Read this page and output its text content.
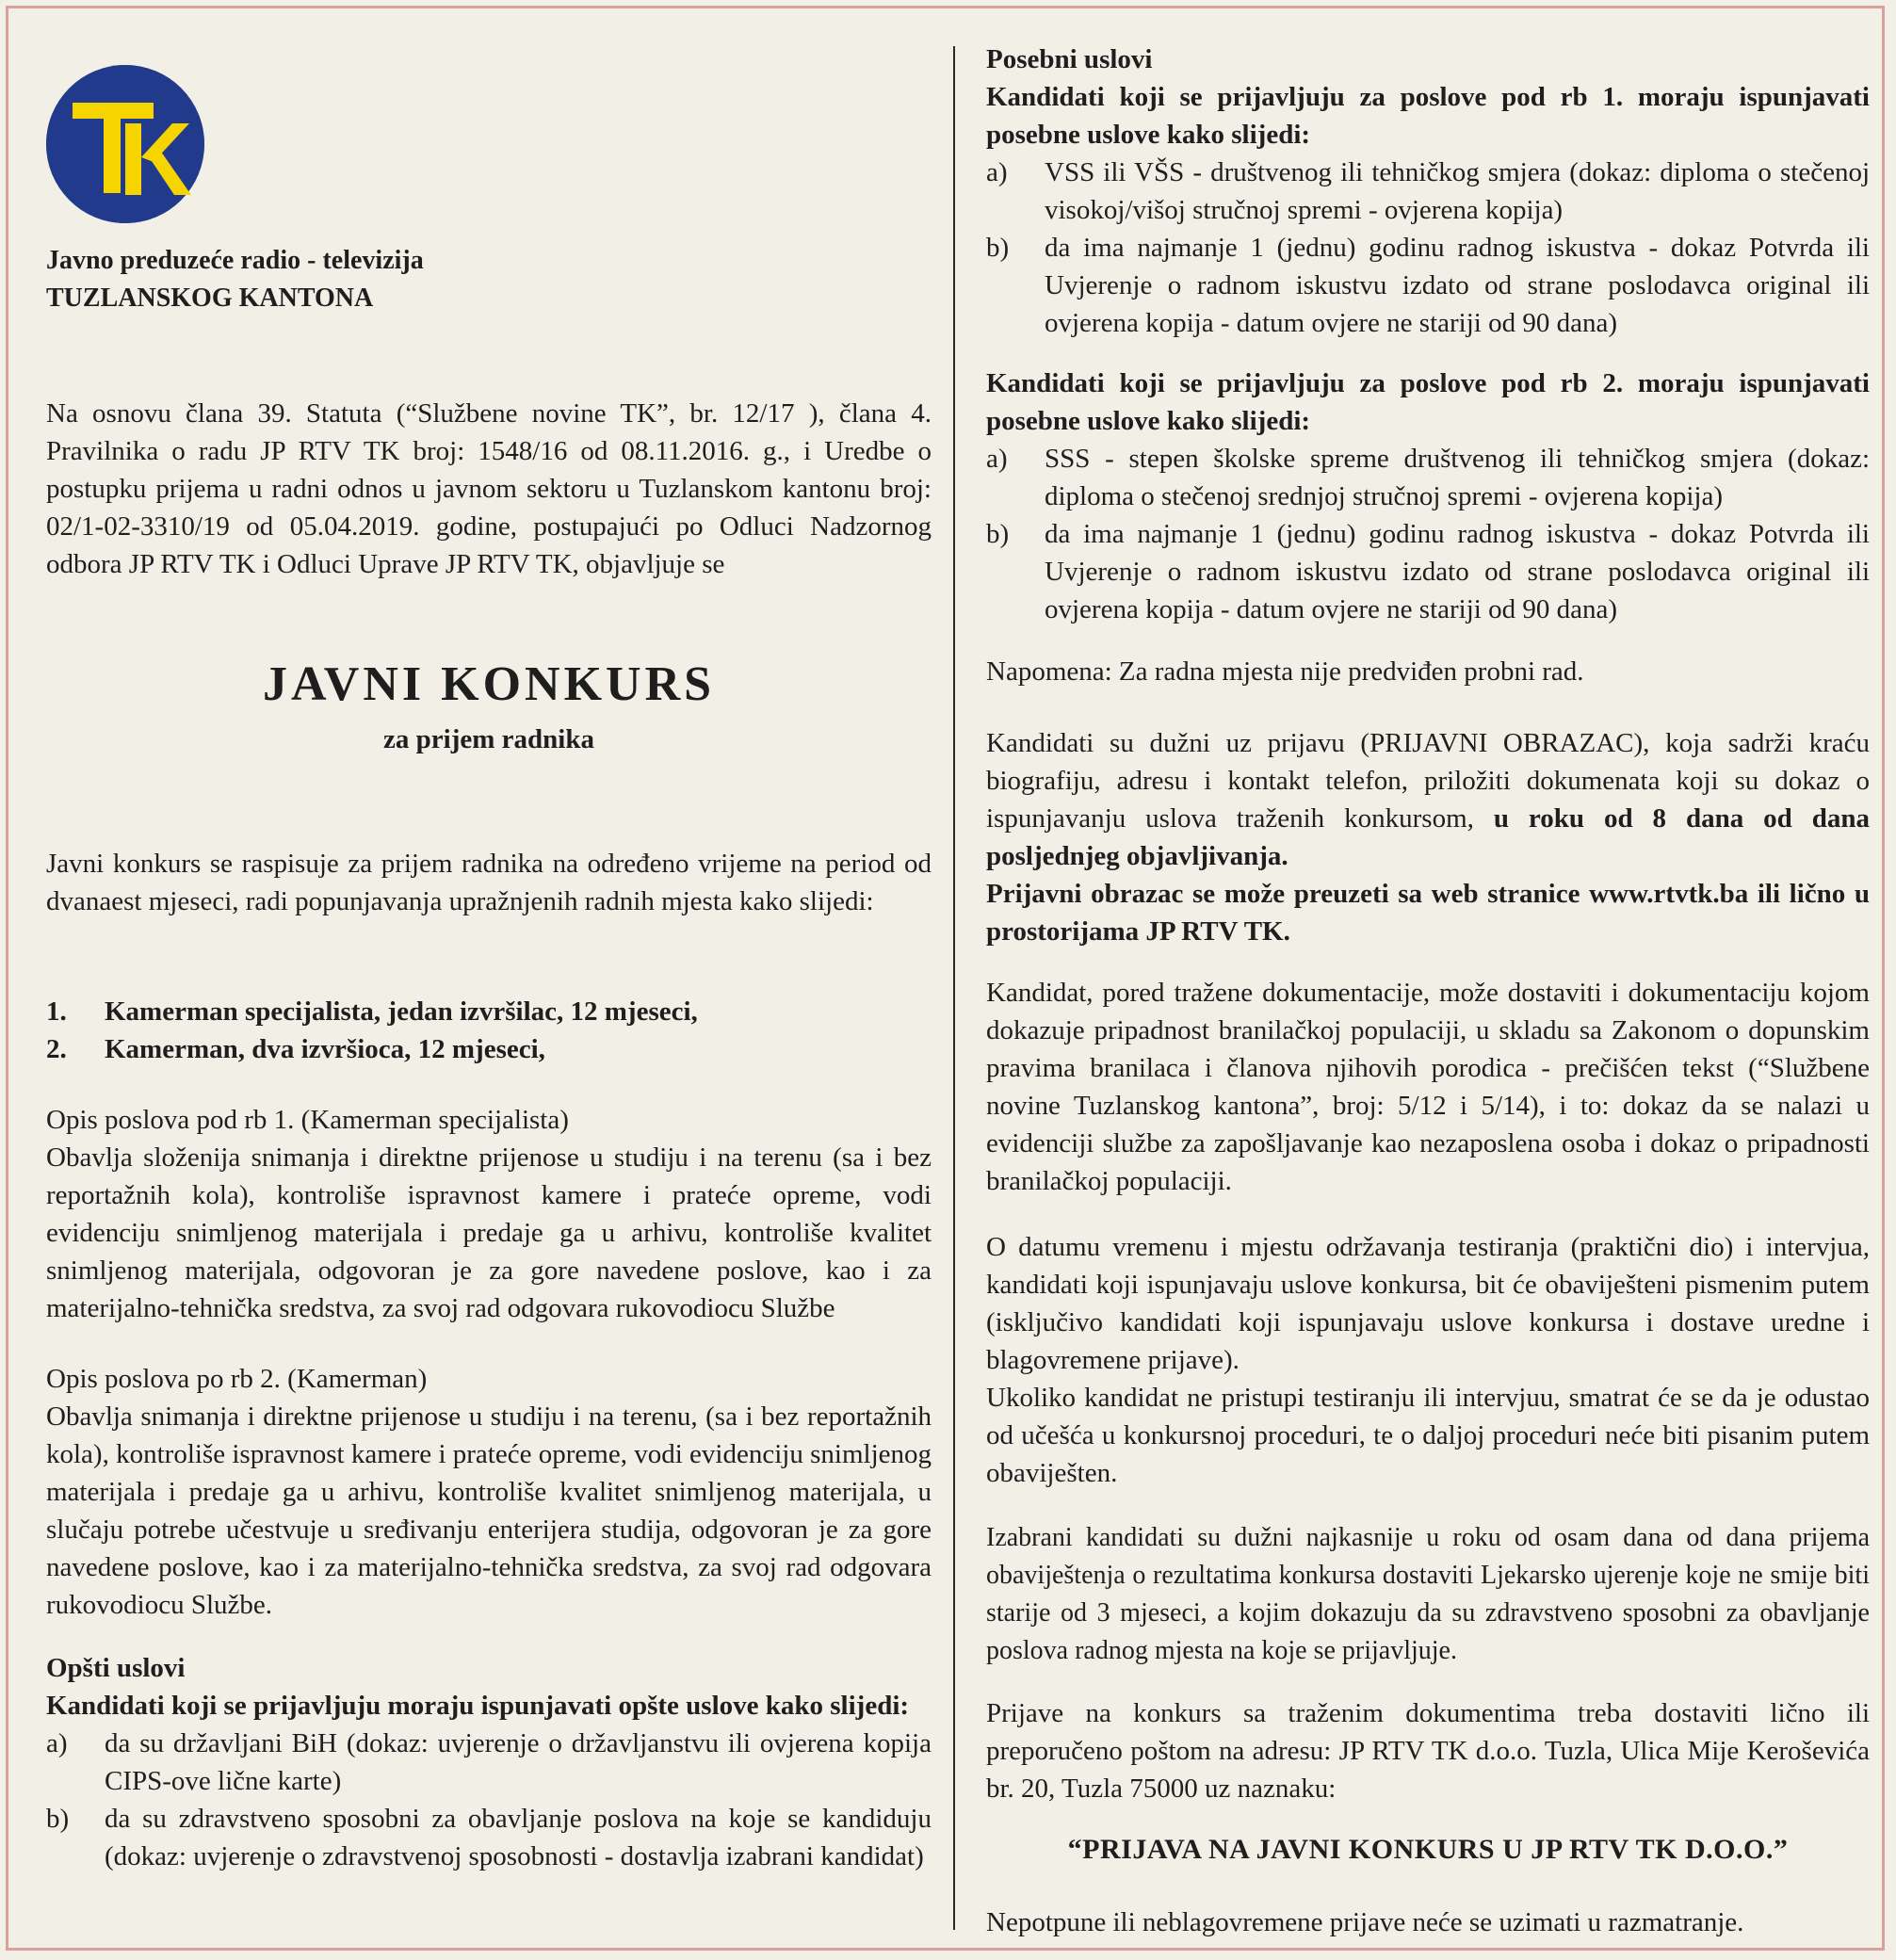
Javno preduzeće radio - televizija

TUZLANSKOG KANTONA

Na osnovu člana 39. Statuta (“Službene novine TK”, br. 12/17 ), člana 4. Pravilnika o radu JP RTV TK broj: 1548/16 od 08.11.2016. g., i Uredbe o postupku prijema u radni odnos u javnom sektoru u Tuzlanskom kantonu broj: 02/1-02-3310/19 od 05.04.2019. godine, postupajući po Odluci Nadzornog odbora JP RTV TK i Odluci Uprave JP RTV TK, objavljuje se

JAVNI KONKURS

za prijem radnika

Javni konkurs se raspisuje za prijem radnika na određeno vrijeme na period od dvanaest mjeseci, radi popunjavanja upražnjenih radnih mjesta kako slijedi:

1. Kamerman specijalista, jedan izvršilac, 12 mjeseci,
2. Kamerman, dva izvršioca, 12 mjeseci,

Opis poslova pod rb 1. (Kamerman specijalista)

Obavlja složenija snimanja i direktne prijenose u studiju i na terenu (sa i bez reportažnih kola), kontroliše ispravnost kamere i prateće opreme, vodi evidenciju snimljenog materijala i predaje ga u arhivu, kontroliše kvalitet snimljenog materijala, odgovoran je za gore navedene poslove, kao i za materijalno-tehnička sredstva, za svoj rad odgovara rukovodiocu Službe

Opis poslova po rb 2. (Kamerman)

Obavlja snimanja i direktne prijenose u studiju i na terenu, (sa i bez reportažnih kola), kontroliše ispravnost kamere i prateće opreme, vodi evidenciju snimljenog materijala i predaje ga u arhivu, kontroliše kvalitet snimljenog materijala, u slučaju potrebe učestvuje u sređivanju enterijera studija, odgovoran je za gore navedene poslove, kao i za materijalno-tehnička sredstva, za svoj rad odgovara rukovodiocu Službe.

Opšti uslovi

Kandidati koji se prijavljuju moraju ispunjavati opšte uslove kako slijedi:

a) da su državljani BiH (dokaz: uvjerenje o državljanstvu ili ovjerena kopija CIPS-ove lične karte)
b) da su zdravstveno sposobni za obavljanje poslova na koje se kandiduju (dokaz: uvjerenje o zdravstvenoj sposobnosti - dostavlja izabrani kandidat)

Posebni uslovi

Kandidati koji se prijavljuju za poslove pod rb 1. moraju ispunjavati posebne uslove kako slijedi:

a) VSS ili VŠS - društvenog ili tehničkog smjera (dokaz: diploma o stečenoj visokoj/višoj stručnoj spremi - ovjerena kopija)
b) da ima najmanje 1 (jednu) godinu radnog iskustva - dokaz Potvrda ili Uvjerenje o radnom iskustvu izdato od strane poslodavca original ili ovjerena kopija - datum ovjere ne stariji od 90 dana)

Kandidati koji se prijavljuju za poslove pod rb 2. moraju ispunjavati posebne uslove kako slijedi:

a) SSS - stepen školske spreme društvenog ili tehničkog smjera (dokaz: diploma o stečenoj srednjoj stručnoj spremi - ovjerena kopija)
b) da ima najmanje 1 (jednu) godinu radnog iskustva - dokaz Potvrda ili Uvjerenje o radnom iskustvu izdato od strane poslodavca original ili ovjerena kopija - datum ovjere ne stariji od 90 dana)

Napomena: Za radna mjesta nije predviđen probni rad.

Kandidati su dužni uz prijavu (PRIJAVNI OBRAZAC), koja sadrži kraću biografiju, adresu i kontakt telefon, priložiti dokumenata koji su dokaz o ispunjavanju uslova traženih konkursom, u roku od 8 dana od dana posljednjeg objavljivanja.

Prijavni obrazac se može preuzeti sa web stranice www.rtvtk.ba ili lično u prostorijama JP RTV TK.

Kandidat, pored tražene dokumentacije, može dostaviti i dokumentaciju kojom dokazuje pripadnost branilačkoj populaciji, u skladu sa Zakonom o dopunskim pravima branilaca i članova njihovih porodica - prečišćen tekst (“Službene novine Tuzlanskog kantona”, broj: 5/12 i 5/14), i to: dokaz da se nalazi u evidenciji službe za zapošljavanje kao nezaposlena osoba i dokaz o pripadnosti branilačkoj populaciji.

O datumu vremenu i mjestu održavanja testiranja (praktični dio) i intervjua, kandidati koji ispunjavaju uslove konkursa, bit će obaviješteni pismenim putem (isključivo kandidati koji ispunjavaju uslove konkursa i dostave uredne i blagovremene prijave).

Ukoliko kandidat ne pristupi testiranju ili intervjuu, smatrat će se da je odustao od učešća u konkursnoj proceduri, te o daljoj proceduri neće biti pisanim putem obaviješten.

Izabrani kandidati su dužni najkasnije u roku od osam dana od dana prijema obaviještenja o rezultatima konkursa dostaviti Ljekarsko ujerenje koje ne smije biti starije od 3 mjeseci, a kojim dokazuju da su zdravstveno sposobni za obavljanje poslova radnog mjesta na koje se prijavljuje.

Prijave na konkurs sa traženim dokumentima treba dostaviti lično ili preporučeno poštom na adresu: JP RTV TK d.o.o. Tuzla, Ulica Mije Keroševića br. 20, Tuzla 75000 uz naznaku:

“PRIJAVA NA JAVNI KONKURS U JP RTV TK D.O.O.”

Nepotpune ili neblagovremene prijave neće se uzimati u razmatranje.
